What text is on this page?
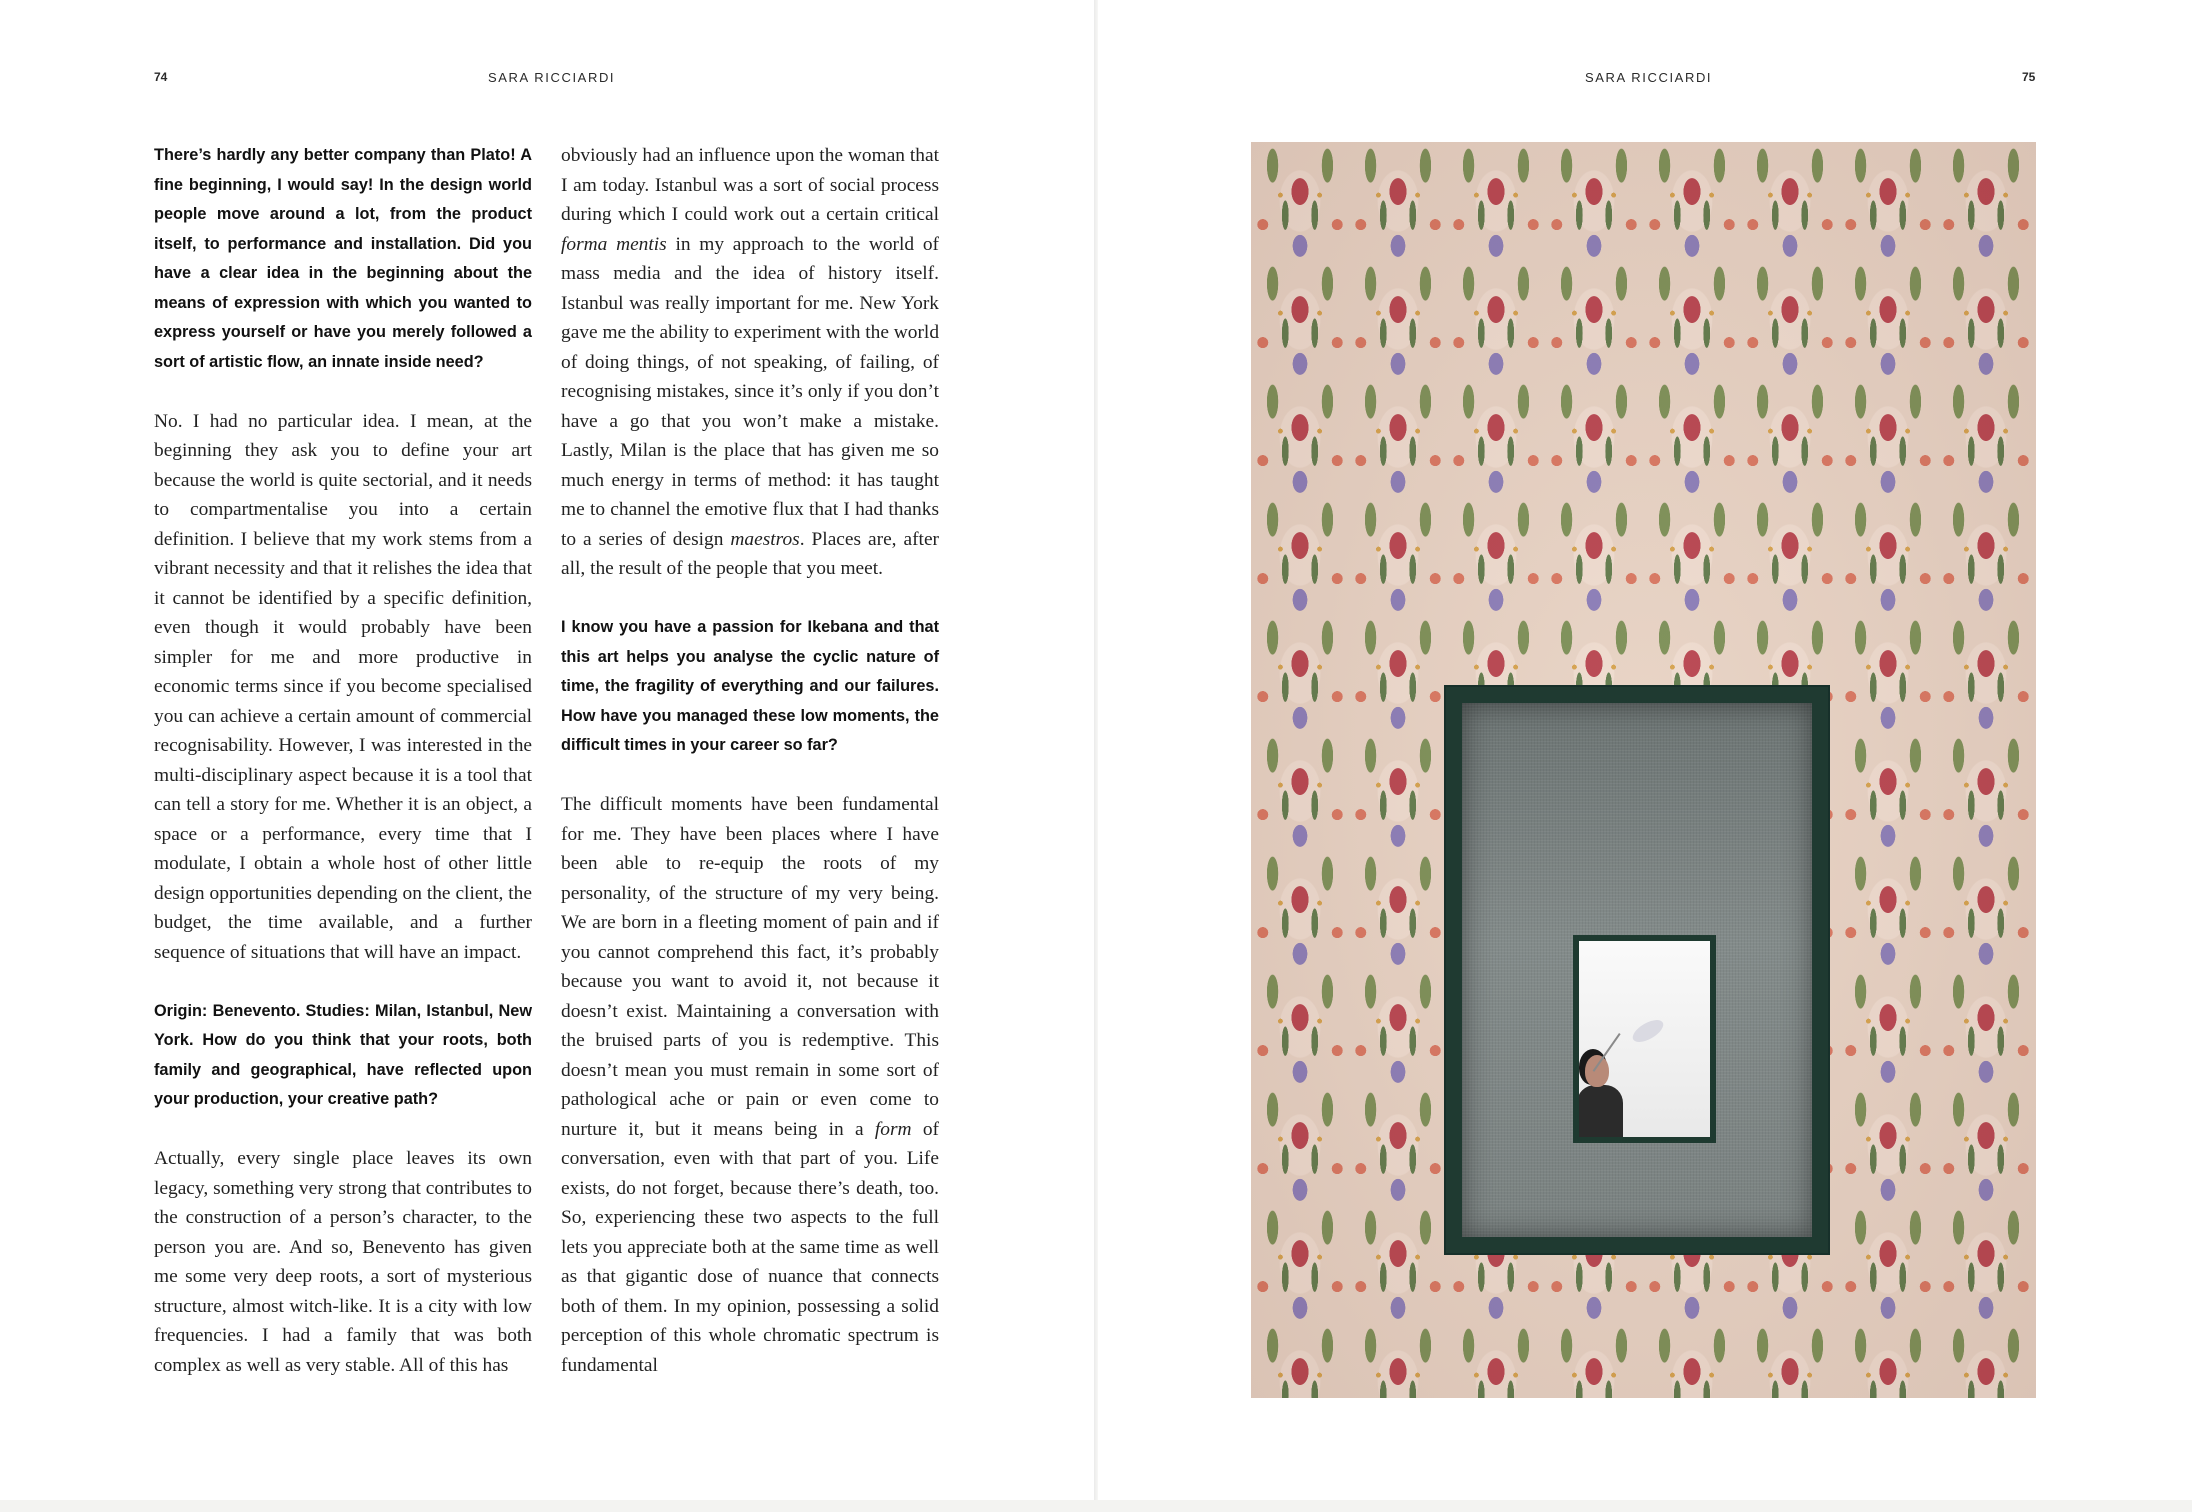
74	SARA RICCIARDI

There’s hardly any better company than Plato! A fine beginning, I would say! In the design world people move around a lot, from the product itself, to performance and installation. Did you have a clear idea in the beginning about the means of expression with which you wanted to express yourself or have you merely followed a sort of artistic flow, an innate inside need?

No. I had no particular idea. I mean, at the beginning they ask you to define your art because the world is quite sectorial, and it needs to compartmentalise you into a certain definition. I believe that my work stems from a vibrant necessity and that it relishes the idea that it cannot be identified by a specific definition, even though it would probably have been simpler for me and more productive in economic terms since if you become specialised you can achieve a certain amount of commercial recognisability. However, I was interested in the multi-disciplinary aspect because it is a tool that can tell a story for me. Whether it is an object, a space or a performance, every time that I modulate, I obtain a whole host of other little design opportunities depending on the client, the budget, the time available, and a further sequence of situations that will have an impact.

Origin: Benevento. Studies: Milan, Istanbul, New York. How do you think that your roots, both family and geographical, have reflected upon your production, your creative path?

Actually, every single place leaves its own legacy, something very strong that contributes to the construction of a person’s character, to the person you are. And so, Benevento has given me some very deep roots, a sort of mysterious structure, almost witch-like. It is a city with low frequencies. I had a family that was both complex as well as very stable. All of this has

obviously had an influence upon the woman that I am today. Istanbul was a sort of social process during which I could work out a certain critical forma mentis in my approach to the world of mass media and the idea of history itself. Istanbul was really important for me. New York gave me the ability to experiment with the world of doing things, of not speaking, of failing, of recognising mistakes, since it’s only if you don’t have a go that you won’t make a mistake. Lastly, Milan is the place that has given me so much energy in terms of method: it has taught me to channel the emotive flux that I had thanks to a series of design maestros. Places are, after all, the result of the people that you meet.

I know you have a passion for Ikebana and that this art helps you analyse the cyclic nature of time, the fragility of everything and our failures. How have you managed these low moments, the difficult times in your career so far?

The difficult moments have been fundamental for me. They have been places where I have been able to re-equip the roots of my personality, of the structure of my very being. We are born in a fleeting moment of pain and if you cannot comprehend this fact, it’s probably because you want to avoid it, not because it doesn’t exist. Maintaining a conversation with the bruised parts of you is redemptive. This doesn’t mean you must remain in some sort of pathological ache or pain or even come to nurture it, but it means being in a form of conversation, even with that part of you. Life exists, do not forget, because there’s death, too. So, experiencing these two aspects to the full lets you appreciate both at the same time as well as that gigantic dose of nuance that connects both of them. In my opinion, possessing a solid perception of this whole chromatic spectrum is fundamental

SARA RICCIARDI	75
